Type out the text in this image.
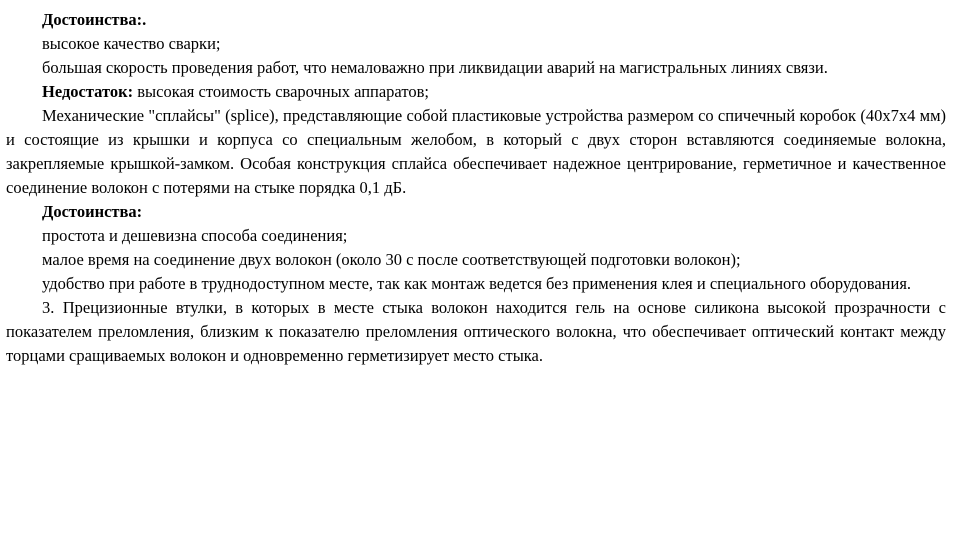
Достоинства:.

высокое качество сварки;

большая скорость проведения работ, что немаловажно при ликвидации аварий на магистральных линиях связи.

Недостаток: высокая стоимость сварочных аппаратов;

Механические "сплайсы" (splice), представляющие собой пластиковые устройства размером со спичечный коробок (40х7х4 мм) и состоящие из крышки и корпуса со специальным желобом, в который с двух сторон вставляются соединяемые волокна, закрепляемые крышкой-замком. Особая конструкция сплайса обеспечивает надежное центрирование, герметичное и качественное соединение волокон с потерями на стыке порядка 0,1 дБ.

Достоинства:

простота и дешевизна способа соединения;

малое время на соединение двух волокон (около 30 с после соответствующей подготовки волокон);

удобство при работе в труднодоступном месте, так как монтаж ведется без применения клея и специального оборудования.

3. Прецизионные втулки, в которых в месте стыка волокон находится гель на основе силикона высокой прозрачности с показателем преломления, близким к показателю преломления оптического волокна, что обеспечивает оптический контакт между торцами сращиваемых волокон и одновременно герметизирует место стыка.
